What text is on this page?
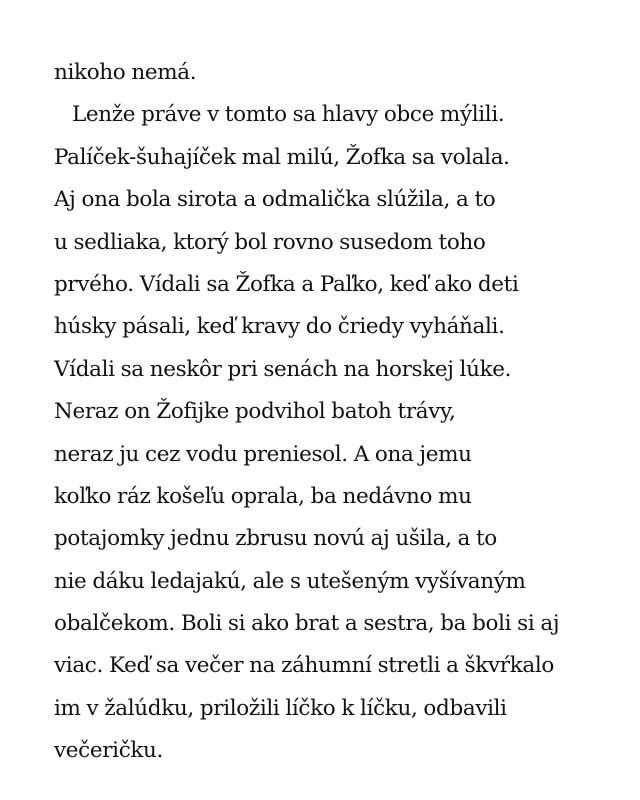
nikoho nemá.
Lenže práve v tomto sa hlavy obce mýlili.
Palíček-šuhajíček mal milú, Žofka sa volala.
Aj ona bola sirota a odmalička slúžila, a to
u sedliaka, ktorý bol rovno susedom toho
prvého. Vídali sa Žofka a Paľko, keď ako deti
húsky pásali, keď kravy do čriedy vyháňali.
Vídali sa neskôr pri senách na horskej lúke.
Neraz on Žofijke podvihol batoh trávy,
neraz ju cez vodu preniesol. A ona jemu
koľko ráz košeľu oprala, ba nedávno mu
potajomky jednu zbrusu novú aj ušila, a to
nie dáku ledajakú, ale s utešeným vyšívaným
obalčekom. Boli si ako brat a sestra, ba boli si aj
viac. Keď sa večer na záhumní stretli a škvŕkalo
im v žalúdku, priložili líčko k líčku, odbavili
večeričku.
